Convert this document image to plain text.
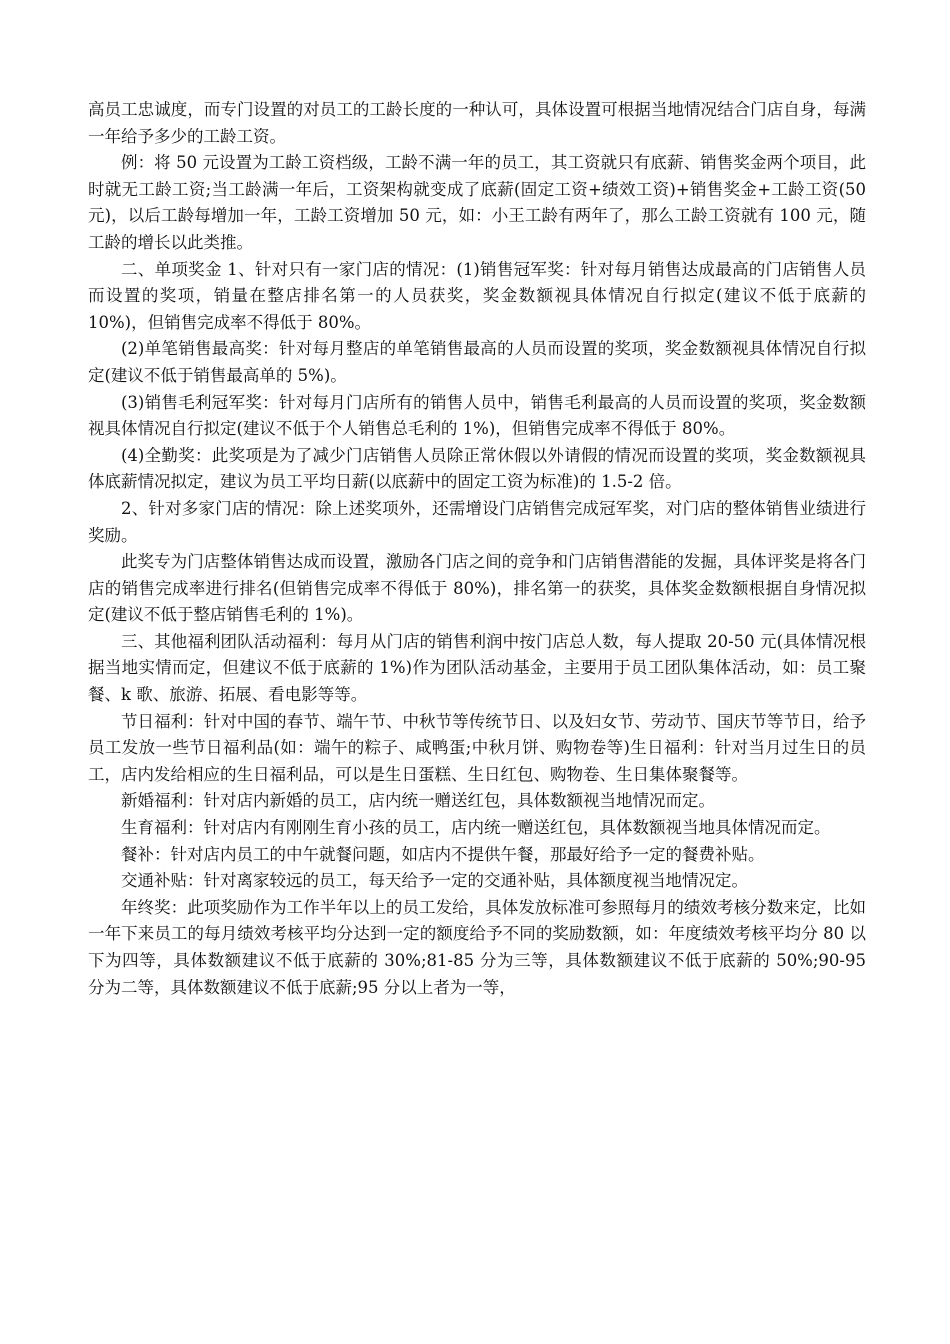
高员工忠诚度，而专门设置的对员工的工龄长度的一种认可，具体设置可根据当地情况结合门店自身，每满一年给予多少的工龄工资。

例：将 50 元设置为工龄工资档级，工龄不满一年的员工，其工资就只有底薪、销售奖金两个项目，此时就无工龄工资;当工龄满一年后，工资架构就变成了底薪(固定工资+绩效工资)+销售奖金+工龄工资(50 元)，以后工龄每增加一年，工龄工资增加 50 元，如：小王工龄有两年了，那么工龄工资就有 100 元，随工龄的增长以此类推。

二、单项奖金 1、针对只有一家门店的情况：(1)销售冠军奖：针对每月销售达成最高的门店销售人员而设置的奖项，销量在整店排名第一的人员获奖，奖金数额视具体情况自行拟定(建议不低于底薪的 10%)，但销售完成率不得低于 80%。

(2)单笔销售最高奖：针对每月整店的单笔销售最高的人员而设置的奖项，奖金数额视具体情况自行拟定(建议不低于销售最高单的 5%)。

(3)销售毛利冠军奖：针对每月门店所有的销售人员中，销售毛利最高的人员而设置的奖项，奖金数额视具体情况自行拟定(建议不低于个人销售总毛利的 1%)，但销售完成率不得低于 80%。

(4)全勤奖：此奖项是为了减少门店销售人员除正常休假以外请假的情况而设置的奖项，奖金数额视具体底薪情况拟定，建议为员工平均日薪(以底薪中的固定工资为标准)的 1.5-2 倍。

2、针对多家门店的情况：除上述奖项外，还需增设门店销售完成冠军奖，对门店的整体销售业绩进行奖励。

此奖专为门店整体销售达成而设置，激励各门店之间的竞争和门店销售潜能的发掘，具体评奖是将各门店的销售完成率进行排名(但销售完成率不得低于 80%)，排名第一的获奖，具体奖金数额根据自身情况拟定(建议不低于整店销售毛利的 1%)。

三、其他福利团队活动福利：每月从门店的销售利润中按门店总人数，每人提取 20-50 元(具体情况根据当地实情而定，但建议不低于底薪的 1%)作为团队活动基金，主要用于员工团队集体活动，如：员工聚餐、k 歌、旅游、拓展、看电影等等。

节日福利：针对中国的春节、端午节、中秋节等传统节日、以及妇女节、劳动节、国庆节等节日，给予员工发放一些节日福利品(如：端午的粽子、咸鸭蛋;中秋月饼、购物卷等)生日福利：针对当月过生日的员工，店内发给相应的生日福利品，可以是生日蛋糕、生日红包、购物卷、生日集体聚餐等。

新婚福利：针对店内新婚的员工，店内统一赠送红包，具体数额视当地情况而定。

生育福利：针对店内有刚刚生育小孩的员工，店内统一赠送红包，具体数额视当地具体情况而定。

餐补：针对店内员工的中午就餐问题，如店内不提供午餐，那最好给予一定的餐费补贴。

交通补贴：针对离家较远的员工，每天给予一定的交通补贴，具体额度视当地情况定。

年终奖：此项奖励作为工作半年以上的员工发给，具体发放标准可参照每月的绩效考核分数来定，比如一年下来员工的每月绩效考核平均分达到一定的额度给予不同的奖励数额，如：年度绩效考核平均分 80 以下为四等，具体数额建议不低于底薪的 30%;81-85 分为三等，具体数额建议不低于底薪的 50%;90-95 分为二等，具体数额建议不低于底薪;95 分以上者为一等，
